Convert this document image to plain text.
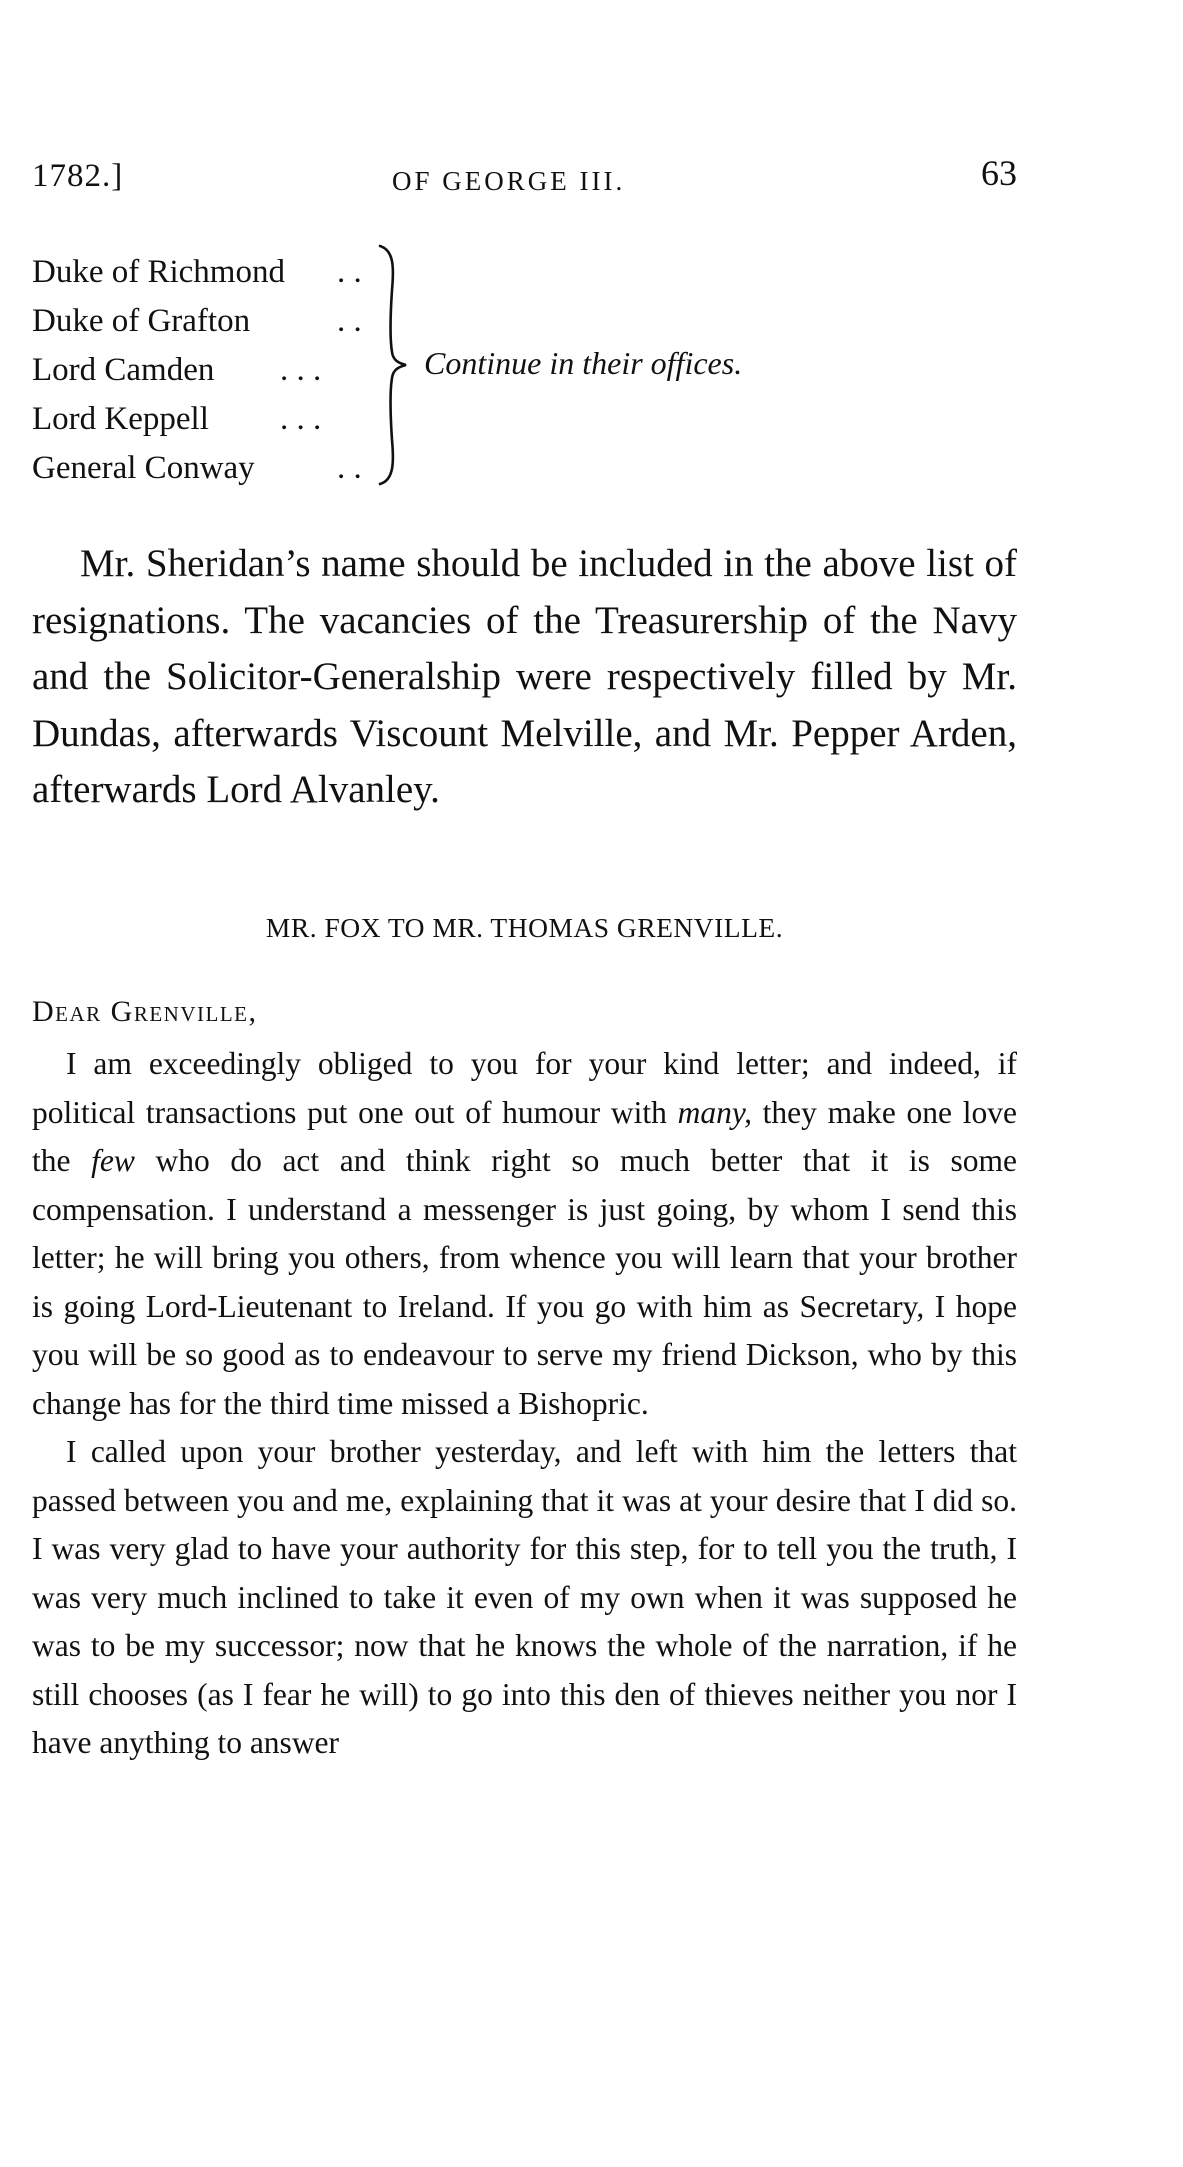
1782.]	OF GEORGE III.	63
Duke of Richmond . .
Duke of Grafton	. .
Lord Camden . . .
Lord Keppell . . .
General Conway . .
Continue in their offices.

Mr. Sheridan’s name should be included in the above list of resignations. The vacancies of the Treasurership of the Navy and the Solicitor-Generalship were respectively filled by Mr. Dundas, afterwards Viscount Melville, and Mr. Pepper Arden, afterwards Lord Alvanley.

MR. FOX TO MR. THOMAS GRENVILLE.
Dear Grenville,

I am exceedingly obliged to you for your kind letter; and indeed, if political transactions put one out of humour with many, they make one love the few who do act and think right so much better that it is some compensation. I understand a messenger is just going, by whom I send this letter; he will bring you others, from whence you will learn that your brother is going Lord-Lieutenant to Ireland. If you go with him as Secretary, I hope you will be so good as to endeavour to serve my friend Dickson, who by this change has for the third time missed a Bishopric.

I called upon your brother yesterday, and left with him the letters that passed between you and me, explaining that it was at your desire that I did so. I was very glad to have your authority for this step, for to tell you the truth, I was very much inclined to take it even of my own when it was supposed he was to be my successor; now that he knows the whole of the narration, if he still chooses (as I fear he will) to go into this den of thieves neither you nor I have anything to answer
